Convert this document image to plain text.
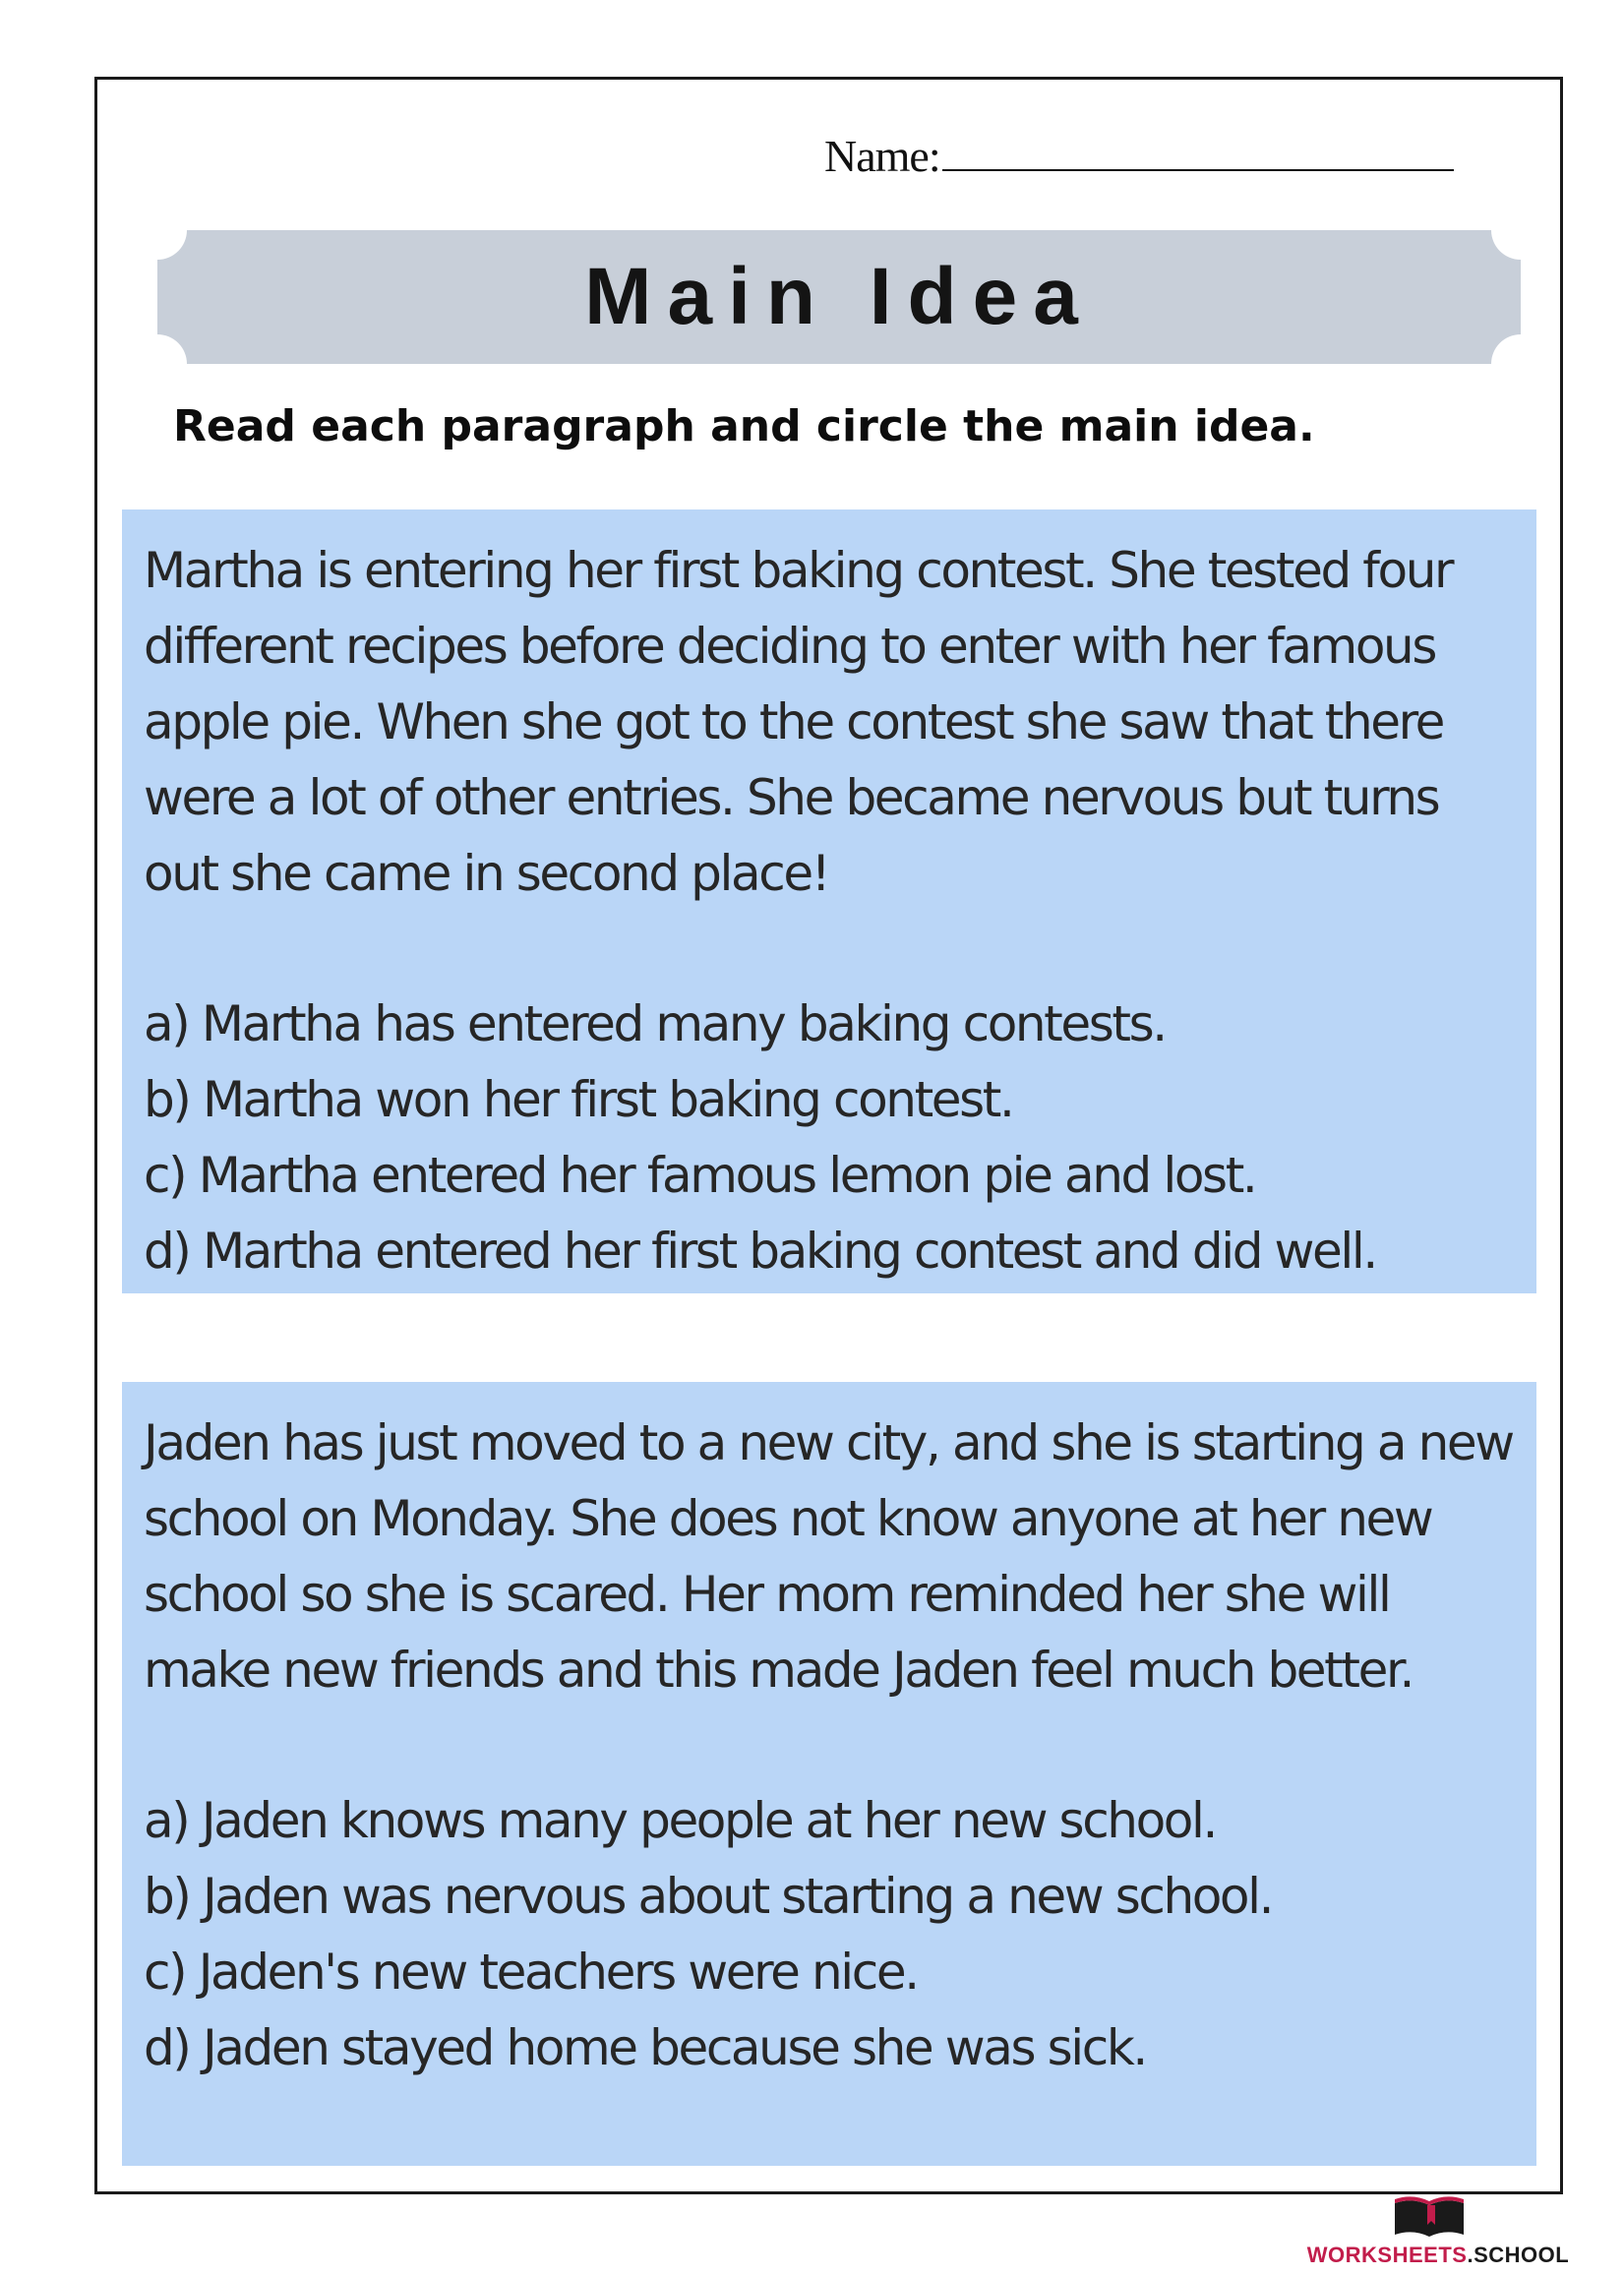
Name:
Main Idea
Read each paragraph and circle the main idea.

Martha is entering her first baking contest. She tested four different recipes before deciding to enter with her famous apple pie. When she got to the contest she saw that there were a lot of other entries. She became nervous but turns out she came in second place!

a) Martha has entered many baking contests.
b) Martha won her first baking contest.
c) Martha entered her famous lemon pie and lost.
d) Martha entered her first baking contest and did well.

Jaden has just moved to a new city, and she is starting a new school on Monday. She does not know anyone at her new school so she is scared. Her mom reminded her she will make new friends and this made Jaden feel much better.

a) Jaden knows many people at her new school.
b) Jaden was nervous about starting a new school.
c) Jaden's new teachers were nice.
d) Jaden stayed home because she was sick.
WORKSHEETS.SCHOOL
